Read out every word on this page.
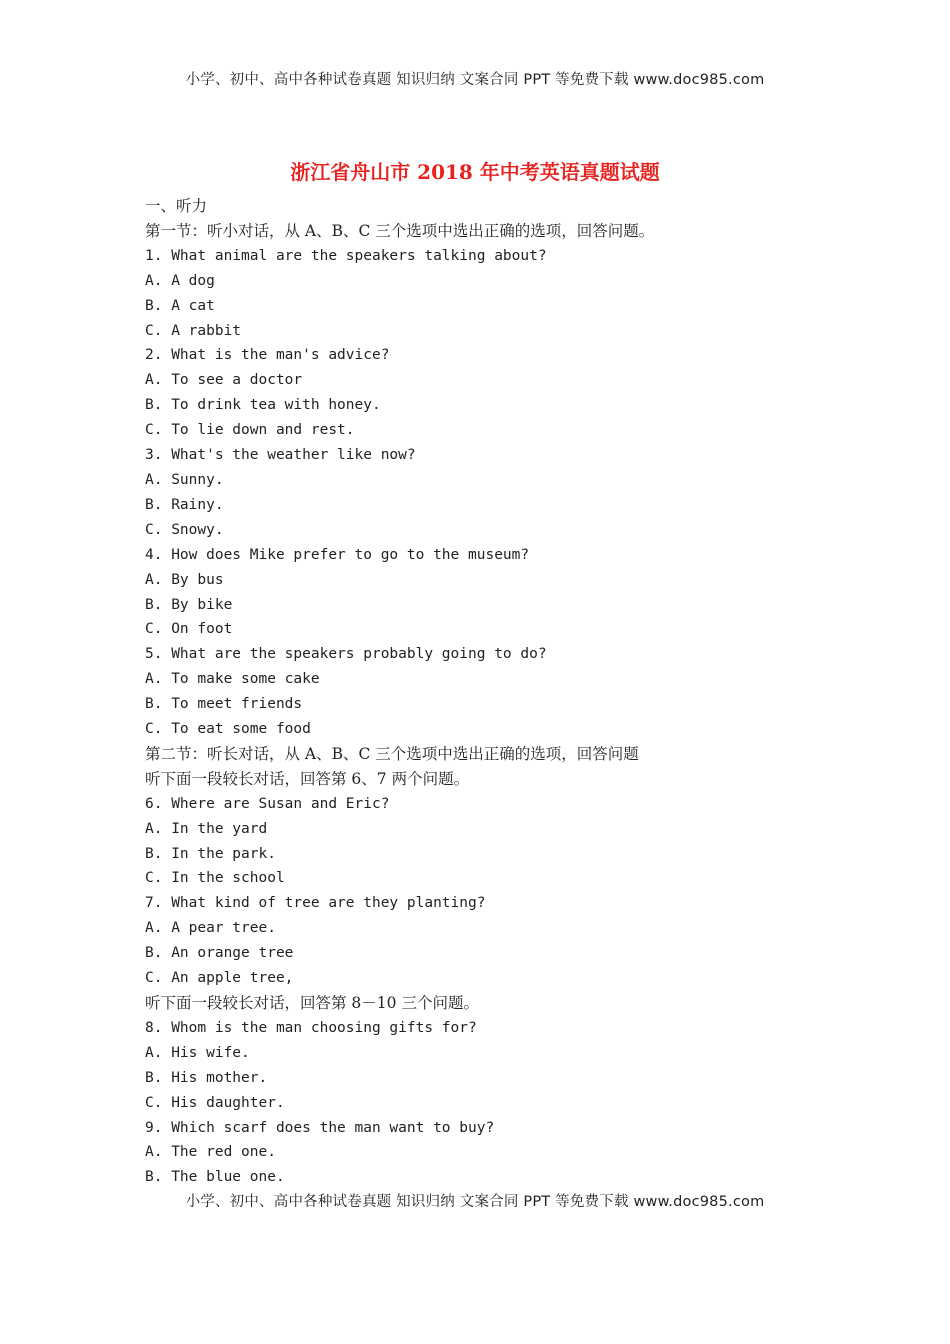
小学、初中、高中各种试卷真题 知识归纳 文案合同 PPT 等免费下载 www.doc985.com
浙江省舟山市 2018 年中考英语真题试题
一、听力
第一节：听小对话，从 A、B、C 三个选项中选出正确的选项，回答问题。
1. What animal are the speakers talking about?
A. A dog
B. A cat
C. A rabbit
2. What is the man's advice?
A. To see a doctor
B. To drink tea with honey.
C. To lie down and rest.
3. What's the weather like now?
A. Sunny.
B. Rainy.
C. Snowy.
4. How does Mike prefer to go to the museum?
A. By bus
B. By bike
C. On foot
5. What are the speakers probably going to do?
A. To make some cake
B. To meet friends
C. To eat some food
第二节：听长对话，从 A、B、C 三个选项中选出正确的选项，回答问题
听下面一段较长对话，回答第 6、7 两个问题。
6. Where are Susan and Eric?
A. In the yard
B. In the park.
C. In the school
7. What kind of tree are they planting?
A. A pear tree.
B. An orange tree
C. An apple tree,
听下面一段较长对话，回答第 8－10 三个问题。
8. Whom is the man choosing gifts for?
A. His wife.
B. His mother.
C. His daughter.
9. Which scarf does the man want to buy?
A. The red one.
B. The blue one.
小学、初中、高中各种试卷真题 知识归纳 文案合同 PPT 等免费下载 www.doc985.com
